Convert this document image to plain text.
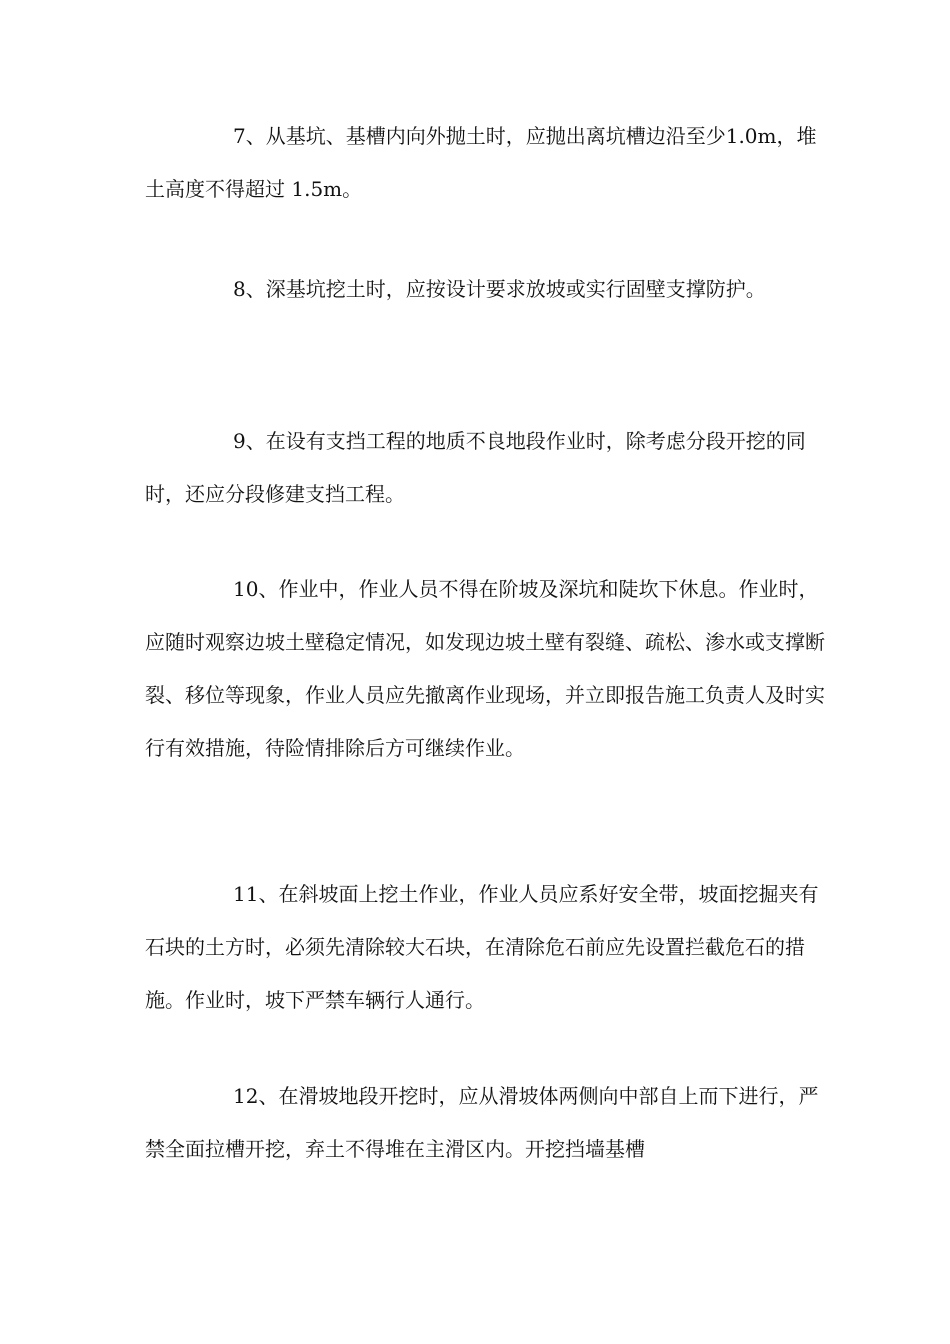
7、从基坑、基槽内向外抛土时，应抛出离坑槽边沿至少1.0m，堆土高度不得超过 1.5m。

8、深基坑挖土时，应按设计要求放坡或实行固壁支撑防护。

9、在设有支挡工程的地质不良地段作业时，除考虑分段开挖的同时，还应分段修建支挡工程。

10、作业中，作业人员不得在阶坡及深坑和陡坎下休息。作业时，应随时观察边坡土壁稳定情况，如发现边坡土壁有裂缝、疏松、渗水或支撑断裂、移位等现象，作业人员应先撤离作业现场，并立即报告施工负责人及时实行有效措施，待险情排除后方可继续作业。

11、在斜坡面上挖土作业，作业人员应系好安全带，坡面挖掘夹有石块的土方时，必须先清除较大石块，在清除危石前应先设置拦截危石的措施。作业时，坡下严禁车辆行人通行。

12、在滑坡地段开挖时，应从滑坡体两侧向中部自上而下进行，严禁全面拉槽开挖，弃土不得堆在主滑区内。开挖挡墙基槽
